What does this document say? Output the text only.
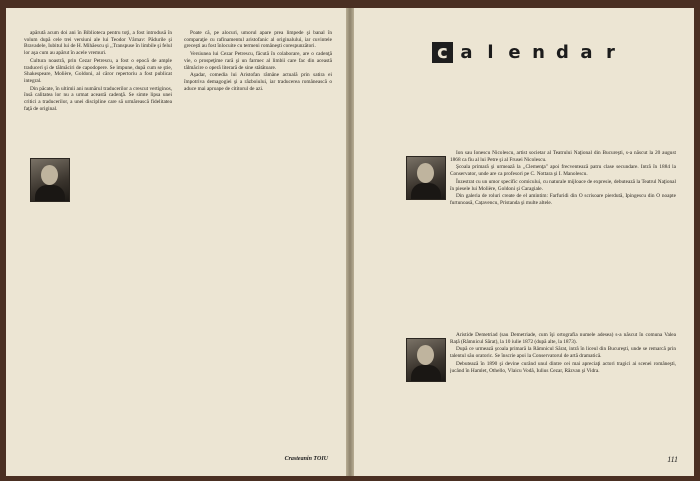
apărută acum doi ani în Biblioteca pentru toţi, a fost introdusă în volum după cele trei versiuni ale lui Teodor Vârnav: Pădurile şi Bravadele, Iubitul lui de H. Mihăescu şi ,,Transpuse în limbile şi felul lor aşa cum au apărut în acele vremuri.

Cultura noastră, prin Cezar Petrescu, a fost o epocă de ample traduceri şi de tălmăciri de capodopere. Se impune, după cum se ştie, Shakespeare, Molière, Goldoni, al căror repertoriu a fost publicat integral.

Din păcate, în ultimii ani numărul traducerilor a crescut vertiginos, însă calitatea lor nu a urmat această cadenţă. Se simte lipsa unei critici a traducerilor, a unei discipline care să urmărească fidelitatea faţă de original.

Poate că, pe alocuri, umorul apare prea limpede şi banal în comparaţie cu rafinamentul aristofanic al originalului, iar cuvintele greceşti au fost înlocuite cu termeni româneşti corespunzători.

Versiunea lui Cezar Petrescu, făcută în colaborare, are o cadenţă vie, o prospeţime rară şi un farmec al limbii care fac din această tălmăcire o operă literară de sine stătătoare.

Aşadar, comedia lui Aristofan rămâne actuală prin satira ei împotriva demagogiei şi a războiului, iar traducerea românească o aduce mai aproape de cititorul de azi.

Crasteanin TOIU
c a l e n d a r

Ion sau Ionescu Nicolescu, artist societar al Teatrului Naţional din Bucureşti, s-a născut la 20 august 1868 ca fiu al lui Petre şi al Frusei Nicolescu.

Şcoala primară şi urmează la ,,Clemenţa" apoi frecventează patru clase secundare. Intră în 1884 la Conservator, unde are ca profesori pe C. Nottara şi I. Manolescu.

Înzestrat cu un umor specific comicului, cu naturale mijloace de expresie, debutează la Teatrul Naţional în piesele lui Molière, Goldoni şi Caragiale.

Din galeria de roluri create de el amintim: Farfuridi din O scrisoare pierdută, Ipingescu din O noapte furtunoasă, Cațavencu, Pristanda şi multe altele.

Aristide Demetriad (sau Demetriade, cum îşi ortografia numele adesea) s-a născut în comuna Valea Rață (Râmnicul Sărat), la 10 iulie 1872 (după alte, la 1873).

După ce urmează şcoala primară la Râmnicul Sărat, intră în liceul din Bucureşti, unde se remarcă prin talentul său oratoric. Se înscrie apoi la Conservatorul de artă dramatică.

Debutează în 1890 şi devine curând unul dintre cei mai apreciaţi actori tragici ai scenei româneşti, jucând în Hamlet, Othello, Vlaicu Vodă, Iulius Cezar, Răzvan şi Vidra.

111
